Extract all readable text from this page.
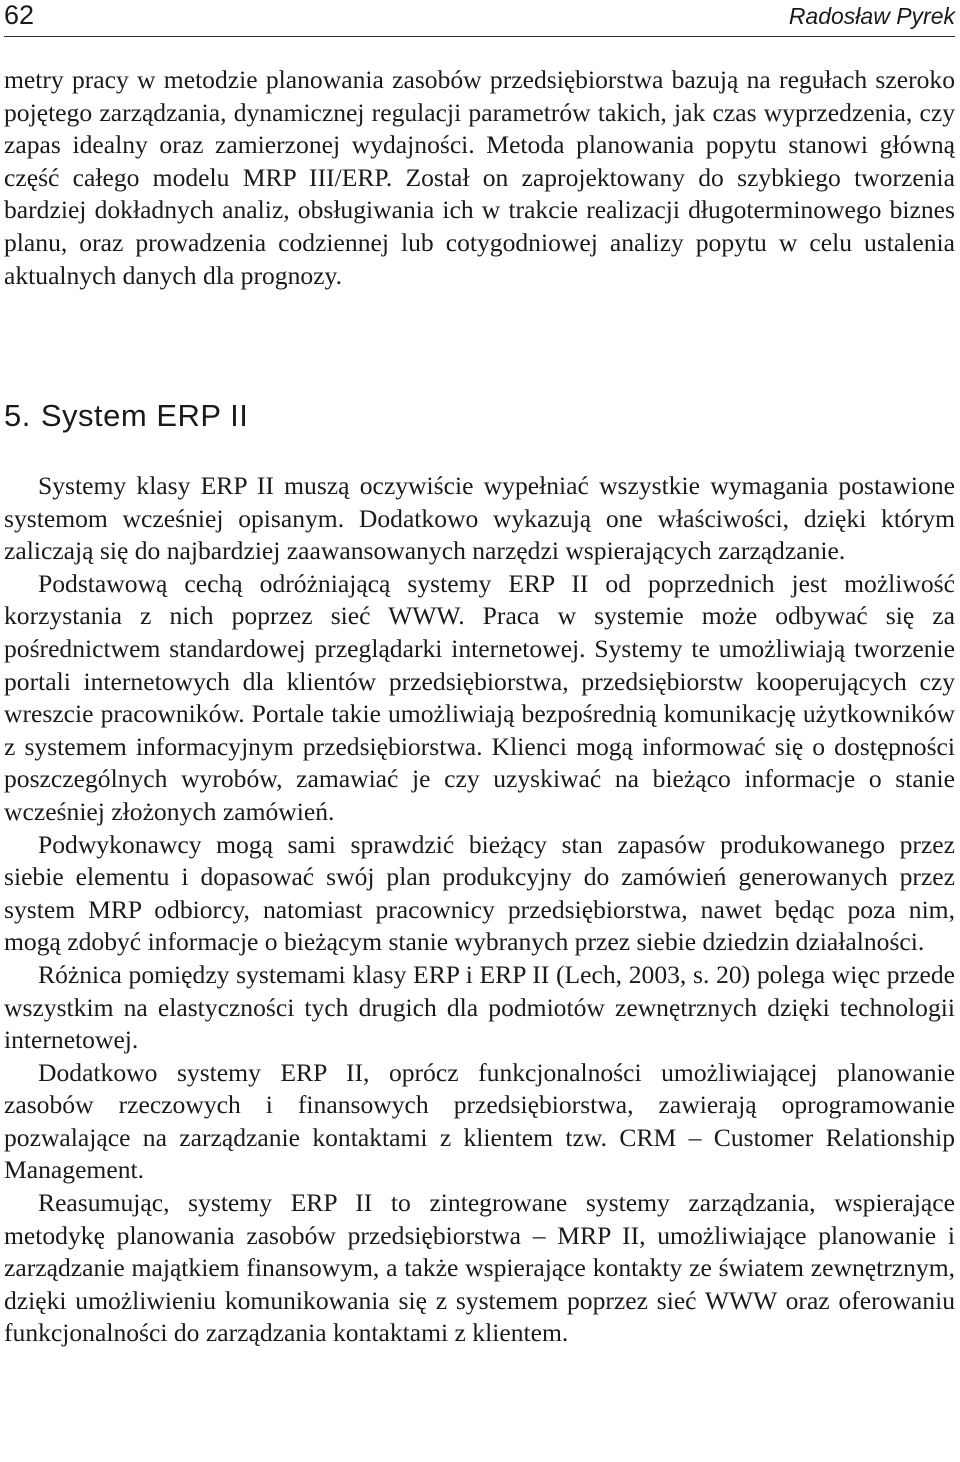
62	Radosław Pyrek

metry pracy w metodzie planowania zasobów przedsiębiorstwa bazują na regułach szeroko pojętego zarządzania, dynamicznej regulacji parametrów takich, jak czas wyprzedzenia, czy zapas idealny oraz zamierzonej wydajności. Metoda planowania popytu stanowi główną część całego modelu MRP III/ERP. Został on zaprojektowany do szybkiego tworzenia bardziej dokładnych analiz, obsługiwania ich w trakcie realizacji długoterminowego biznes planu, oraz prowadzenia codziennej lub cotygodniowej analizy popytu w celu ustalenia aktualnych danych dla prognozy.

5. System ERP II

Systemy klasy ERP II muszą oczywiście wypełniać wszystkie wymagania postawione systemom wcześniej opisanym. Dodatkowo wykazują one właściwości, dzięki którym zaliczają się do najbardziej zaawansowanych narzędzi wspierających zarządzanie.

Podstawową cechą odróżniającą systemy ERP II od poprzednich jest możliwość korzystania z nich poprzez sieć WWW. Praca w systemie może odbywać się za pośrednictwem standardowej przeglądarki internetowej. Systemy te umożliwiają tworzenie portali internetowych dla klientów przedsiębiorstwa, przedsiębiorstw kooperujących czy wreszcie pracowników. Portale takie umożliwiają bezpośrednią komunikację użytkowników z systemem informacyjnym przedsiębiorstwa. Klienci mogą informować się o dostępności poszczególnych wyrobów, zamawiać je czy uzyskiwać na bieżąco informacje o stanie wcześniej złożonych zamówień.

Podwykonawcy mogą sami sprawdzić bieżący stan zapasów produkowanego przez siebie elementu i dopasować swój plan produkcyjny do zamówień generowanych przez system MRP odbiorcy, natomiast pracownicy przedsiębiorstwa, nawet będąc poza nim, mogą zdobyć informacje o bieżącym stanie wybranych przez siebie dziedzin działalności.

Różnica pomiędzy systemami klasy ERP i ERP II (Lech, 2003, s. 20) polega więc przede wszystkim na elastyczności tych drugich dla podmiotów zewnętrznych dzięki technologii internetowej.

Dodatkowo systemy ERP II, oprócz funkcjonalności umożliwiającej planowanie zasobów rzeczowych i finansowych przedsiębiorstwa, zawierają oprogramowanie pozwalające na zarządzanie kontaktami z klientem tzw. CRM – Customer Relationship Management.

Reasumując, systemy ERP II to zintegrowane systemy zarządzania, wspierające metodykę planowania zasobów przedsiębiorstwa – MRP II, umożliwiające planowanie i zarządzanie majątkiem finansowym, a także wspierające kontakty ze światem zewnętrznym, dzięki umożliwieniu komunikowania się z systemem poprzez sieć WWW oraz oferowaniu funkcjonalności do zarządzania kontaktami z klientem.
